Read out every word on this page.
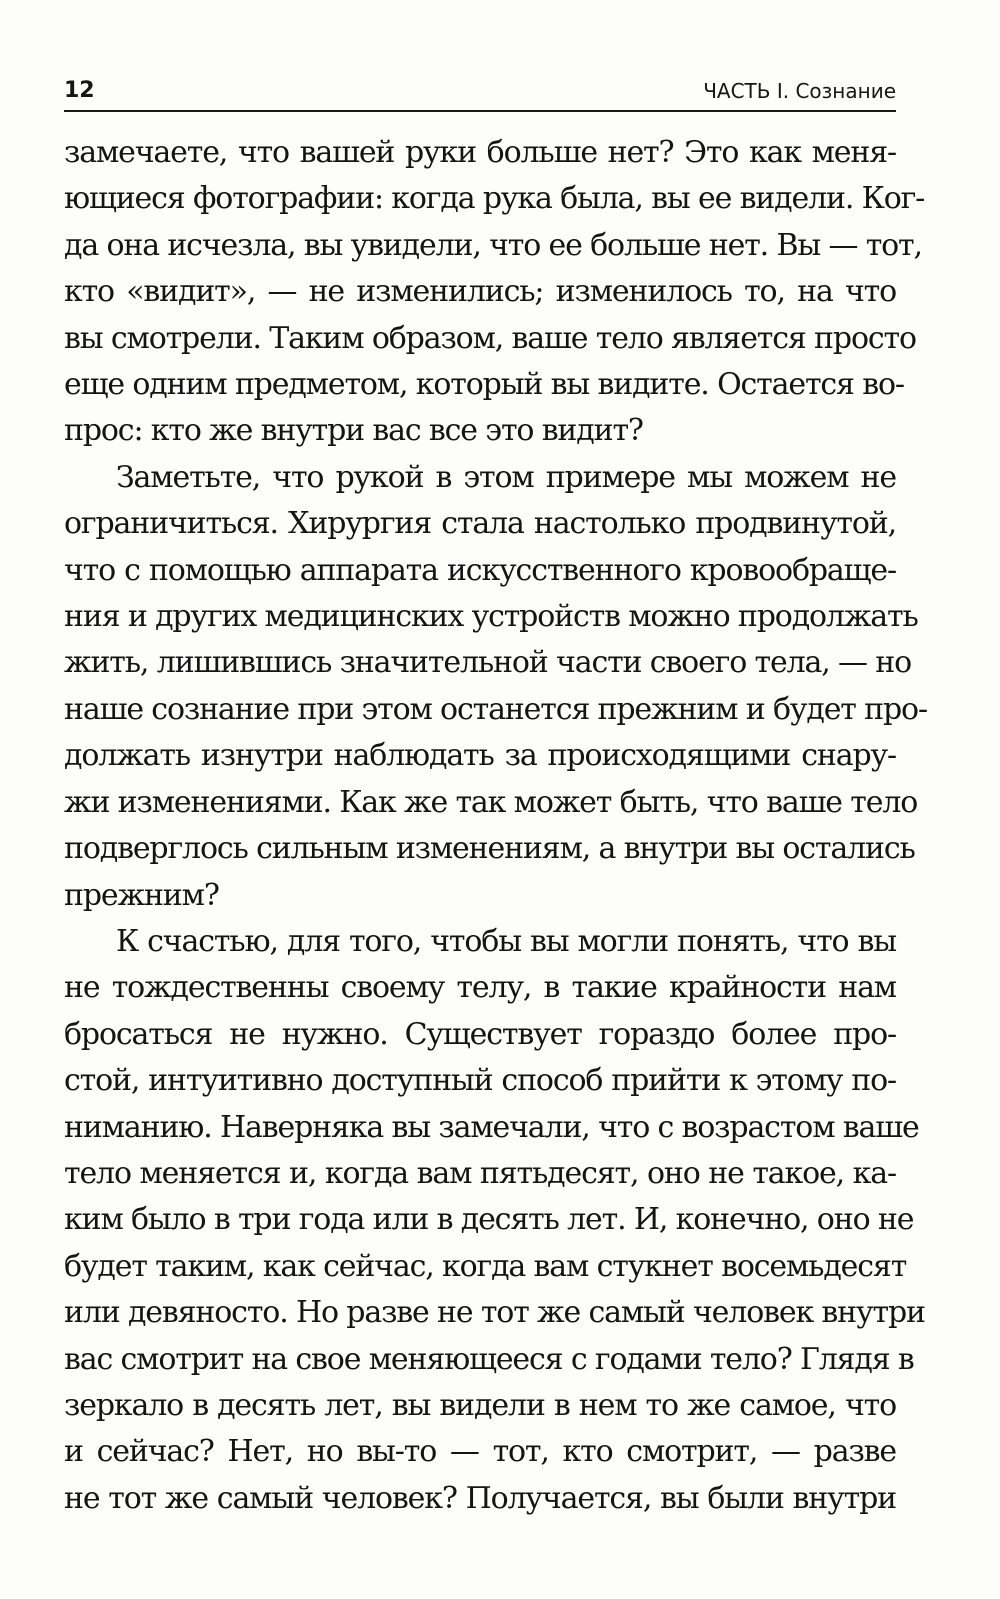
12	ЧАСТЬ I. Сознание
замечаете, что вашей руки больше нет? Это как меня-
ющиеся фотографии: когда рука была, вы ее видели. Ког-
да она исчезла, вы увидели, что ее больше нет. Вы — тот,
кто «видит», — не изменились; изменилось то, на что
вы смотрели. Таким образом, ваше тело является просто
еще одним предметом, который вы видите. Остается во-
прос: кто же внутри вас все это видит?
Заметьте, что рукой в этом примере мы можем не
ограничиться. Хирургия стала настолько продвинутой,
что с помощью аппарата искусственного кровообраще-
ния и других медицинских устройств можно продолжать
жить, лишившись значительной части своего тела, — но
наше сознание при этом останется прежним и будет про-
должать изнутри наблюдать за происходящими снару-
жи изменениями. Как же так может быть, что ваше тело
подверглось сильным изменениям, а внутри вы остались
прежним?
К счастью, для того, чтобы вы могли понять, что вы
не тождественны своему телу, в такие крайности нам
бросаться не нужно. Существует гораздо более про-
стой, интуитивно доступный способ прийти к этому по-
ниманию. Наверняка вы замечали, что с возрастом ваше
тело меняется и, когда вам пятьдесят, оно не такое, ка-
ким было в три года или в десять лет. И, конечно, оно не
будет таким, как сейчас, когда вам стукнет восемьдесят
или девяносто. Но разве не тот же самый человек внутри
вас смотрит на свое меняющееся с годами тело? Глядя в
зеркало в десять лет, вы видели в нем то же самое, что
и сейчас? Нет, но вы-то — тот, кто смотрит, — разве
не тот же самый человек? Получается, вы были внутри
